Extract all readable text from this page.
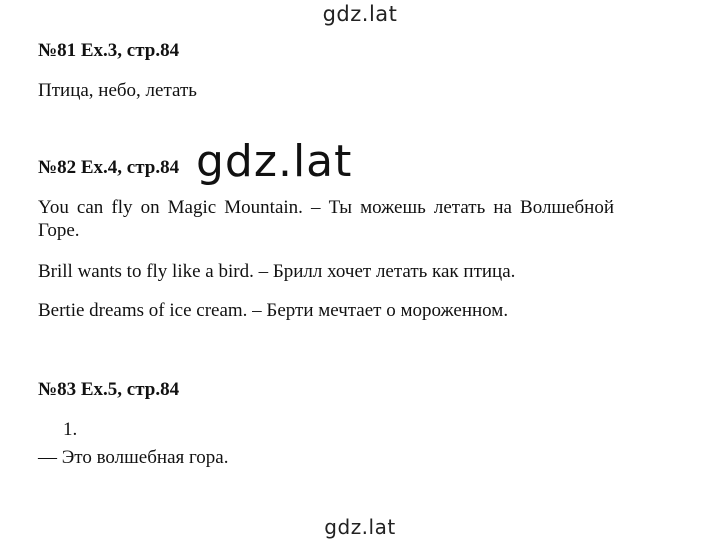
gdz.lat
№81 Ex.3, стр.84
Птица, небо, летать
№82 Ex.4, стр.84 gdz.lat
You can fly on Magic Mountain. – Ты можешь летать на Волшебной Горе.
Brill wants to fly like a bird. – Брилл хочет летать как птица.
Bertie dreams of ice cream. – Берти мечтает о мороженном.
№83 Ex.5, стр.84
1.
— Это волшебная гора.
gdz.lat
